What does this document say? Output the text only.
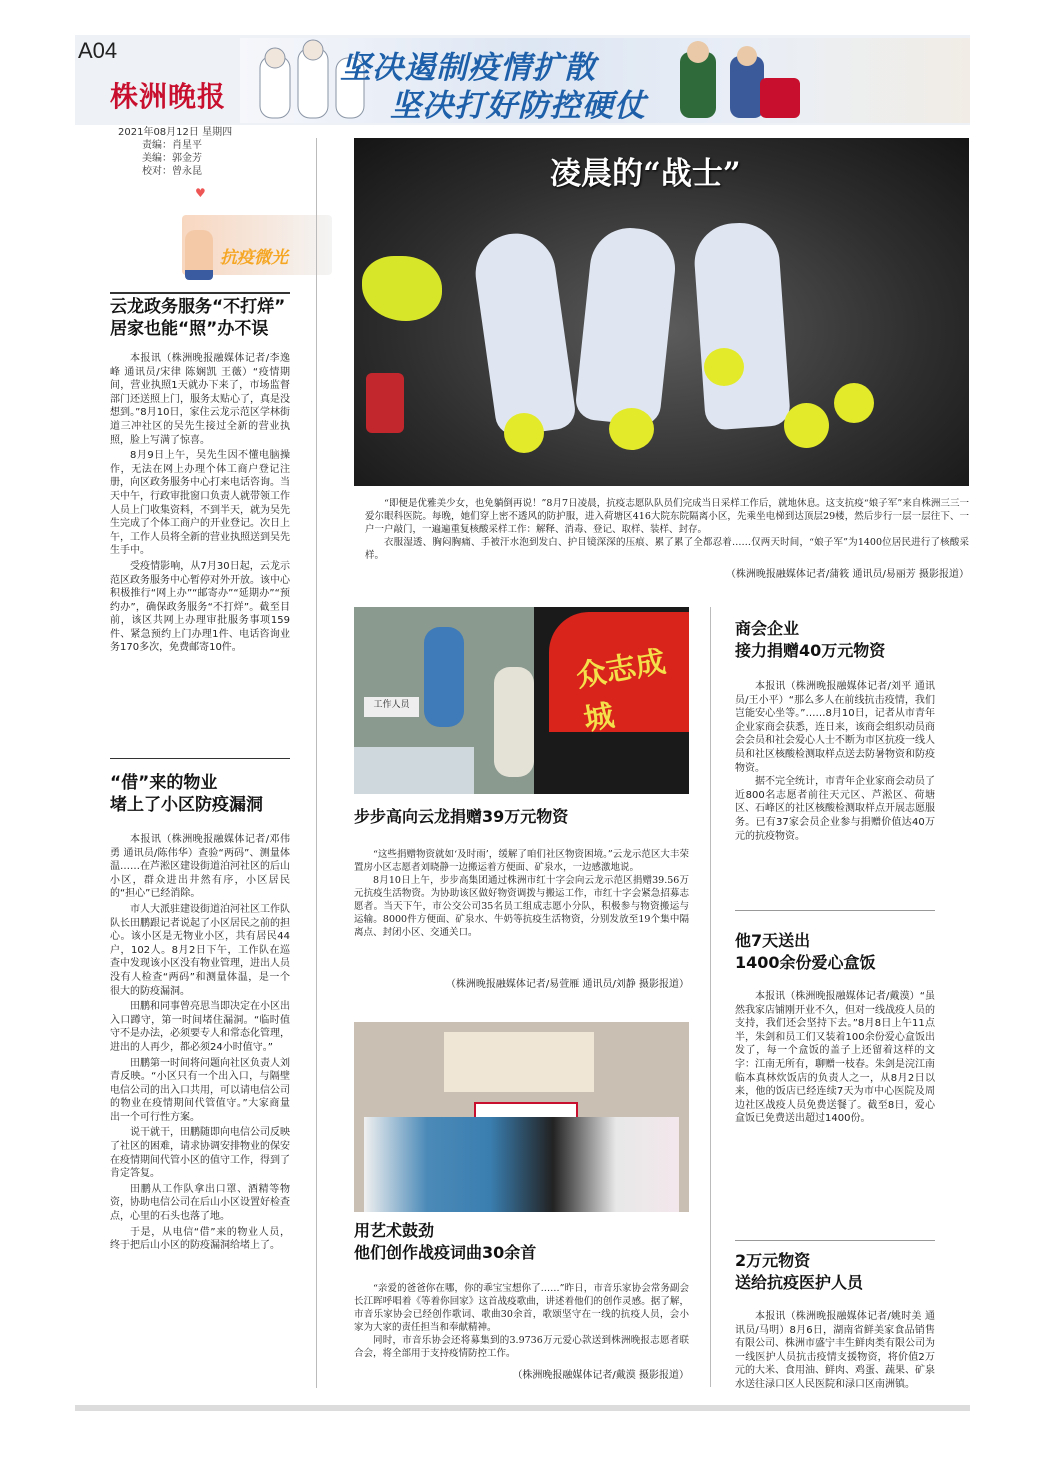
A04
株洲晚报
坚决遏制疫情扩散
坚决打好防控硬仗
2021年08月12日 星期四
责编：肖星平
美编：郭金芳
校对：曾永昆
♥
抗疫微光
云龙政务服务“不打烊”
居家也能“照”办不误

本报讯（株洲晚报融媒体记者/李逸峰 通讯员/宋律 陈娴凯 王薇）“疫情期间，营业执照1天就办下来了，市场监督部门还送照上门，服务太贴心了，真是没想到。”8月10日，家住云龙示范区学林街道三冲社区的吴先生接过全新的营业执照，脸上写满了惊喜。

8月9日上午，吴先生因不懂电脑操作，无法在网上办理个体工商户登记注册，向区政务服务中心打来电话咨询。当天中午，行政审批窗口负责人就带领工作人员上门收集资料，不到半天，就为吴先生完成了个体工商户的开业登记。次日上午，工作人员将全新的营业执照送到吴先生手中。

受疫情影响，从7月30日起，云龙示范区政务服务中心暂停对外开放。该中心积极推行“网上办”“邮寄办”“延期办”“预约办”，确保政务服务“不打烊”。截至目前，该区共网上办理审批服务事项159件、紧急预约上门办理1件、电话咨询业务170多次，免费邮寄10件。

“借”来的物业
堵上了小区防疫漏洞

本报讯（株洲晚报融媒体记者/邓伟勇 通讯员/陈伟华）查验“两码”、测量体温……在芦淞区建设街道泊河社区的后山小区，群众进出井然有序，小区居民的“担心”已经消除。

市人大派驻建设街道泊河社区工作队队长田鹏跟记者说起了小区居民之前的担心。该小区是无物业小区，共有居民44户，102人。8月2日下午，工作队在巡查中发现该小区没有物业管理，进出人员没有人检查“两码”和测量体温，是一个很大的防疫漏洞。

田鹏和同事曾亮思当即决定在小区出入口蹲守，第一时间堵住漏洞。“临时值守不是办法，必须要专人和常态化管理，进出的人再少，都必须24小时值守。”

田鹏第一时间将问题向社区负责人刘青反映。“小区只有一个出入口，与隔壁电信公司的出入口共用，可以请电信公司的物业在疫情期间代管值守。”大家商量出一个可行性方案。

说干就干，田鹏随即向电信公司反映了社区的困难，请求协调安排物业的保安在疫情期间代管小区的值守工作，得到了肯定答复。

田鹏从工作队拿出口罩、酒精等物资，协助电信公司在后山小区设置好检查点，心里的石头也落了地。

于是，从电信“借”来的物业人员，终于把后山小区的防疫漏洞给堵上了。

凌晨的“战士”

“即便是优雅美少女，也免躺倒再说！”8月7日凌晨，抗疫志愿队队员们完成当日采样工作后，就地休息。这支抗疫“娘子军”来自株洲三三一爱尔眼科医院。每晚，她们穿上密不透风的防护服，进入荷塘区416大院东院隔离小区，先乘坐电梯到达顶层29楼，然后步行一层一层往下、一户一户敲门，一遍遍重复核酸采样工作：解释、消毒、登记、取样、装样、封存。

衣服湿透、胸闷胸痛、手被汗水泡到发白、护目镜深深的压痕、累了累了全都忍着……仅两天时间，“娘子军”为1400位居民进行了核酸采样。

（株洲晚报融媒体记者/蒲筱 通讯员/易丽芳 摄影报道）
众志成城
工作人员
步步高向云龙捐赠39万元物资

“这些捐赠物资就如‘及时雨’，缓解了咱们社区物资困境。”云龙示范区大丰荣置房小区志愿者刘晓静一边搬运着方便面、矿泉水，一边感激地说。

8月10日上午，步步高集团通过株洲市红十字会向云龙示范区捐赠39.56万元抗疫生活物资。为协助该区做好物资调拨与搬运工作，市红十字会紧急招募志愿者。当天下午，市公交公司35名员工组成志愿小分队，积极参与物资搬运与运输。8000件方便面、矿泉水、牛奶等抗疫生活物资，分别发放至19个集中隔离点、封闭小区、交通关口。

（株洲晚报融媒体记者/易萱雁 通讯员/刘静 摄影报道）
用艺术鼓劲
他们创作战疫词曲30余首

“亲爱的爸爸你在哪，你的乖宝宝想你了……”昨日，市音乐家协会常务副会长江晖呼唱着《等着你回家》这首战疫歌曲，讲述着他们的创作灵感。据了解，市音乐家协会已经创作歌词、歌曲30余首，歌颂坚守在一线的抗疫人员，会小家为大家的责任担当和奉献精神。

同时，市音乐协会还将募集到的3.9736万元爱心款送到株洲晚报志愿者联合会，将全部用于支持疫情防控工作。

（株洲晚报融媒体记者/戴漠 摄影报道）
商会企业
接力捐赠40万元物资

本报讯（株洲晚报融媒体记者/刘平 通讯员/王小平）“那么多人在前线抗击疫情，我们岂能安心坐等。”……8月10日，记者从市青年企业家商会获悉，连日来，该商会组织动员商会会员和社会爱心人士不断为市区抗疫一线人员和社区核酸检测取样点送去防暑物资和防疫物资。

据不完全统计，市青年企业家商会动员了近800名志愿者前往天元区、芦淞区、荷塘区、石峰区的社区核酸检测取样点开展志愿服务。已有37家会员企业参与捐赠价值达40万元的抗疫物资。

他7天送出
1400余份爱心盒饭

本报讯（株洲晚报融媒体记者/戴漠）“虽然我家店铺刚开业不久，但对一线战疫人员的支持，我们还会坚持下去。”8月8日上午11点半，朱剑和员工们又装着100余份爱心盒饭出发了，每一个盒饭的盖子上还留着这样的文字：江南无所有，聊赠一枝春。朱剑是浣江南临本真林炊饭店的负责人之一，从8月2日以来，他的饭店已经连续7天为市中心医院及周边社区战疫人员免费送餐了。截至8日，爱心盒饭已免费送出超过1400份。

2万元物资
送给抗疫医护人员

本报讯（株洲晚报融媒体记者/姚时美 通讯员/马明）8月6日，湖南省鲜美家食品销售有限公司、株洲市盛宁丰生鲜肉类有限公司为一线医护人员抗击疫情支援物资，将价值2万元的大米、食用油、鲜肉、鸡蛋、蔬果、矿泉水送往渌口区人民医院和渌口区南洲镇。
